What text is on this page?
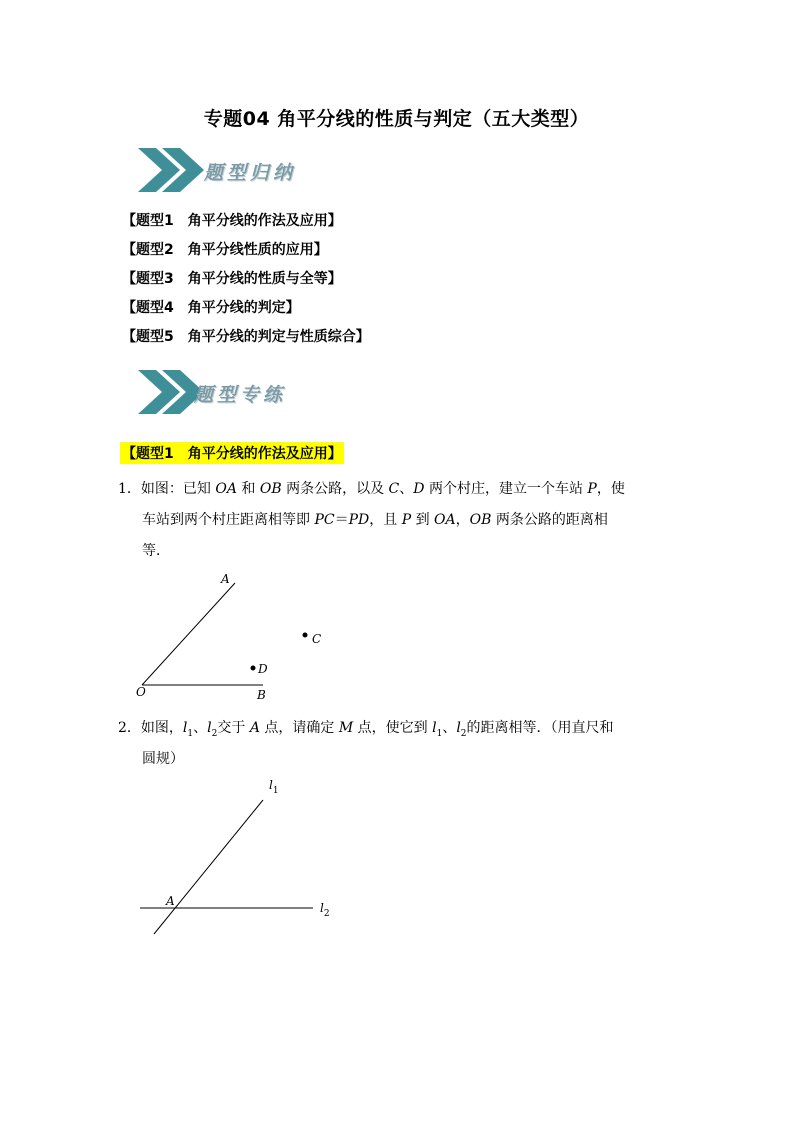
专题04 角平分线的性质与判定（五大类型）
题型归纳
【题型1 角平分线的作法及应用】
【题型2 角平分线性质的应用】
【题型3 角平分线的性质与全等】
【题型4 角平分线的判定】
【题型5 角平分线的判定与性质综合】
题型专练
【题型1 角平分线的作法及应用】
1．如图：已知 OA 和 OB 两条公路，以及 C、D 两个村庄，建立一个车站 P，使
车站到两个村庄距离相等即 PC＝PD，且 P 到 OA，OB 两条公路的距离相
等．
A
O	B
C
D
2．如图，$l_1$、$l_2$交于 A 点，请确定 M 点，使它到 $l_1$、$l_2$的距离相等．（用直尺和
圆规）
$l_1$
$l_2$
A
